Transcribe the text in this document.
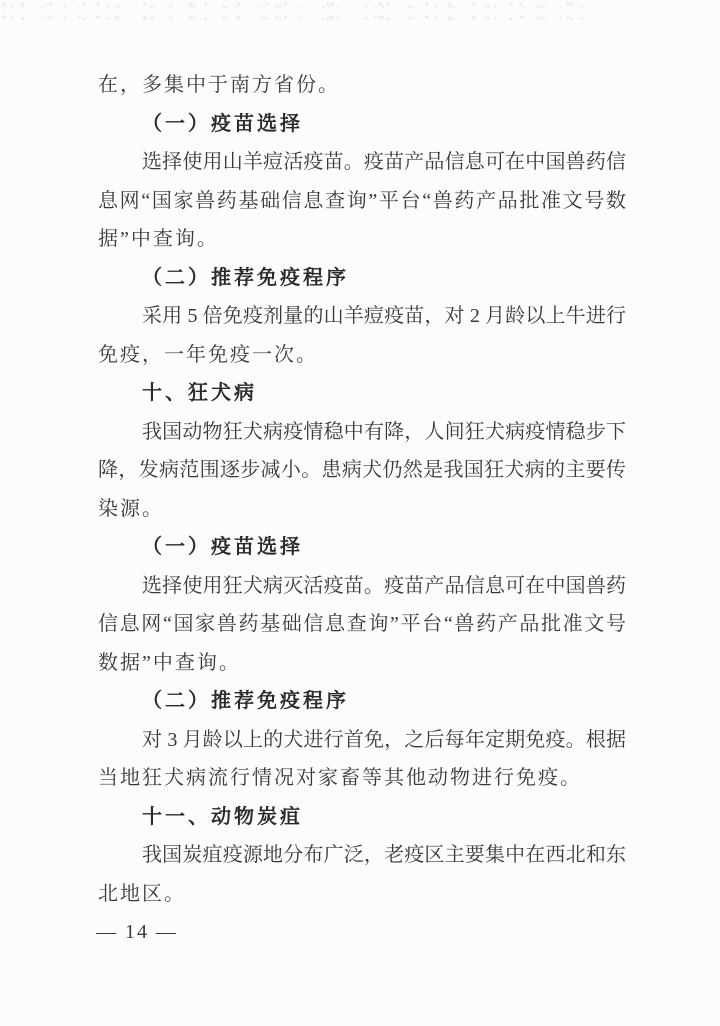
在，多集中于南方省份。
（一）疫苗选择
选择使用山羊痘活疫苗。疫苗产品信息可在中国兽药信
息网“国家兽药基础信息查询”平台“兽药产品批准文号数
据”中查询。
（二）推荐免疫程序
采用 5 倍免疫剂量的山羊痘疫苗，对 2 月龄以上牛进行
免疫，一年免疫一次。
十、狂犬病
我国动物狂犬病疫情稳中有降，人间狂犬病疫情稳步下
降，发病范围逐步减小。患病犬仍然是我国狂犬病的主要传
染源。
（一）疫苗选择
选择使用狂犬病灭活疫苗。疫苗产品信息可在中国兽药
信息网“国家兽药基础信息查询”平台“兽药产品批准文号
数据”中查询。
（二）推荐免疫程序
对 3 月龄以上的犬进行首免，之后每年定期免疫。根据
当地狂犬病流行情况对家畜等其他动物进行免疫。
十一、动物炭疽
我国炭疽疫源地分布广泛，老疫区主要集中在西北和东
北地区。
— 14 —
